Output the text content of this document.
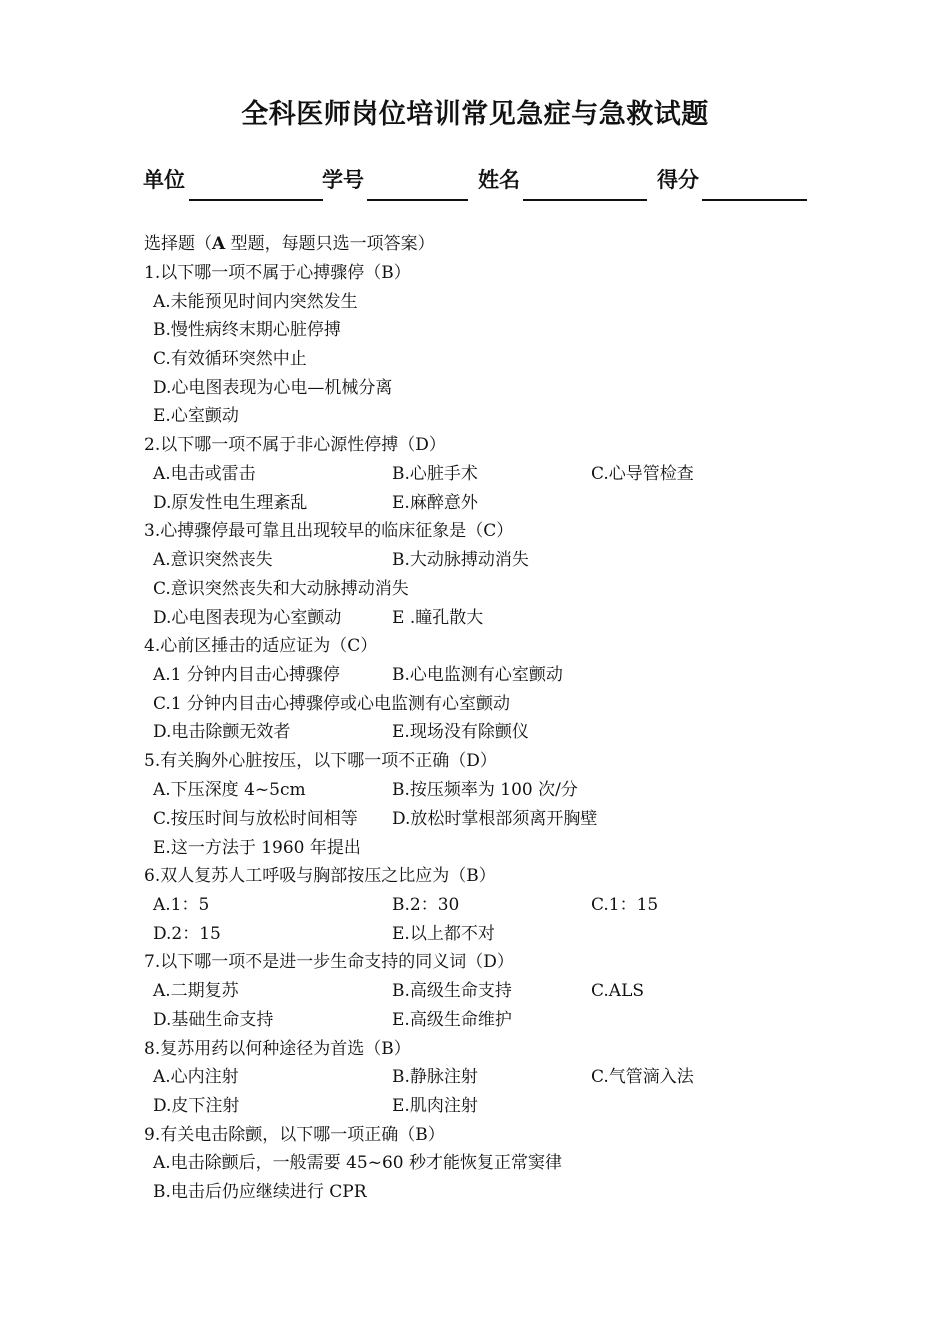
全科医师岗位培训常见急症与急救试题
单位	学号	姓名	得分
选择题（A 型题，每题只选一项答案）
1.以下哪一项不属于心搏骤停（B）
A.未能预见时间内突然发生
B.慢性病终末期心脏停搏
C.有效循环突然中止
D.心电图表现为心电—机械分离
E.心室颤动
2.以下哪一项不属于非心源性停搏（D）
A.电击或雷击	B.心脏手术	C.心导管检查
D.原发性电生理紊乱	E.麻醉意外
3.心搏骤停最可靠且出现较早的临床征象是（C）
A.意识突然丧失	B.大动脉搏动消失
C.意识突然丧失和大动脉搏动消失
D.心电图表现为心室颤动	E .瞳孔散大
4.心前区捶击的适应证为（C）
A.1 分钟内目击心搏骤停	B.心电监测有心室颤动
C.1 分钟内目击心搏骤停或心电监测有心室颤动
D.电击除颤无效者	E.现场没有除颤仪
5.有关胸外心脏按压，以下哪一项不正确（D）
A.下压深度 4~5cm	B.按压频率为 100 次/分
C.按压时间与放松时间相等 D.放松时掌根部须离开胸壁
E.这一方法于 1960 年提出
6.双人复苏人工呼吸与胸部按压之比应为（B）
A.1：5	B.2：30	C.1：15
D.2：15	E.以上都不对
7.以下哪一项不是进一步生命支持的同义词（D）
A.二期复苏	B.高级生命支持	C.ALS
D.基础生命支持	E.高级生命维护
8.复苏用药以何种途径为首选（B）
A.心内注射	B.静脉注射	C.气管滴入法
D.皮下注射	E.肌肉注射
9.有关电击除颤，以下哪一项正确（B）
A.电击除颤后，一般需要 45~60 秒才能恢复正常窦律
B.电击后仍应继续进行 CPR
